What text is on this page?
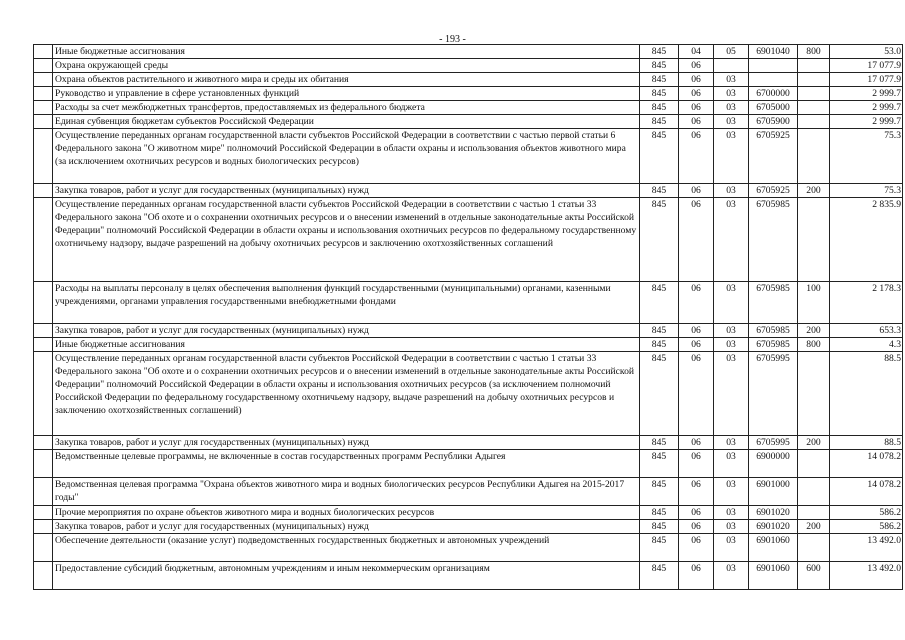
- 193 -
	Иные бюджетные ассигнования	845	04	05	6901040	800	53.0
	Охрана окружающей среды	845	06				17 077.9
	Охрана объектов растительного и животного мира и среды их обитания	845	06	03			17 077.9
	Руководство и управление в сфере установленных функций	845	06	03	6700000		2 999.7
	Расходы за счет межбюджетных трансфертов, предоставляемых из федерального бюджета	845	06	03	6705000		2 999.7
	Единая субвенция бюджетам субъектов Российской Федерации	845	06	03	6705900		2 999.7
	Осуществление переданных органам государственной власти субъектов Российской Федерации в соответствии с частью первой статьи 6 Федерального закона "О животном мире" полномочий Российской Федерации в области охраны и использования объектов животного мира (за исключением охотничьих ресурсов и водных биологических ресурсов)	845	06	03	6705925		75.3
	Закупка товаров, работ и услуг для государственных (муниципальных) нужд	845	06	03	6705925	200	75.3
	Осуществление переданных органам государственной власти субъектов Российской Федерации в соответствии с частью 1 статьи 33 Федерального закона "Об охоте и о сохранении охотничьих ресурсов и о внесении изменений в отдельные законодательные акты Российской Федерации" полномочий Российской Федерации в области охраны и использования охотничьих ресурсов по федеральному государственному охотничьему надзору, выдаче разрешений на добычу охотничьих ресурсов и заключению охотхозяйственных соглашений	845	06	03	6705985		2 835.9
	Расходы на выплаты персоналу в целях обеспечения выполнения функций государственными (муниципальными) органами, казенными учреждениями, органами управления государственными внебюджетными фондами	845	06	03	6705985	100	2 178.3
	Закупка товаров, работ и услуг для государственных (муниципальных) нужд	845	06	03	6705985	200	653.3
	Иные бюджетные ассигнования	845	06	03	6705985	800	4.3
	Осуществление переданных органам государственной власти субъектов Российской Федерации в соответствии с частью 1 статьи 33 Федерального закона "Об охоте и о сохранении охотничьих ресурсов и о внесении изменений в отдельные законодательные акты Российской Федерации" полномочий Российской Федерации в области охраны и использования охотничьих ресурсов (за исключением полномочий Российской Федерации по федеральному государственному охотничьему надзору, выдаче разрешений на добычу охотничьих ресурсов и заключению охотхозяйственных соглашений)	845	06	03	6705995		88.5
	Закупка товаров, работ и услуг для государственных (муниципальных) нужд	845	06	03	6705995	200	88.5
	Ведомственные целевые программы, не включенные в состав государственных программ Республики Адыгея	845	06	03	6900000		14 078.2
	Ведомственная целевая программа "Охрана объектов животного мира и водных биологических ресурсов Республики Адыгея на 2015-2017 годы"	845	06	03	6901000		14 078.2
	Прочие мероприятия по охране объектов животного мира и водных биологических ресурсов	845	06	03	6901020		586.2
	Закупка товаров, работ и услуг для государственных (муниципальных) нужд	845	06	03	6901020	200	586.2
	Обеспечение деятельности (оказание услуг) подведомственных государственных бюджетных и автономных учреждений	845	06	03	6901060		13 492.0
	Предоставление субсидий бюджетным, автономным учреждениям и иным некоммерческим организациям	845	06	03	6901060	600	13 492.0
